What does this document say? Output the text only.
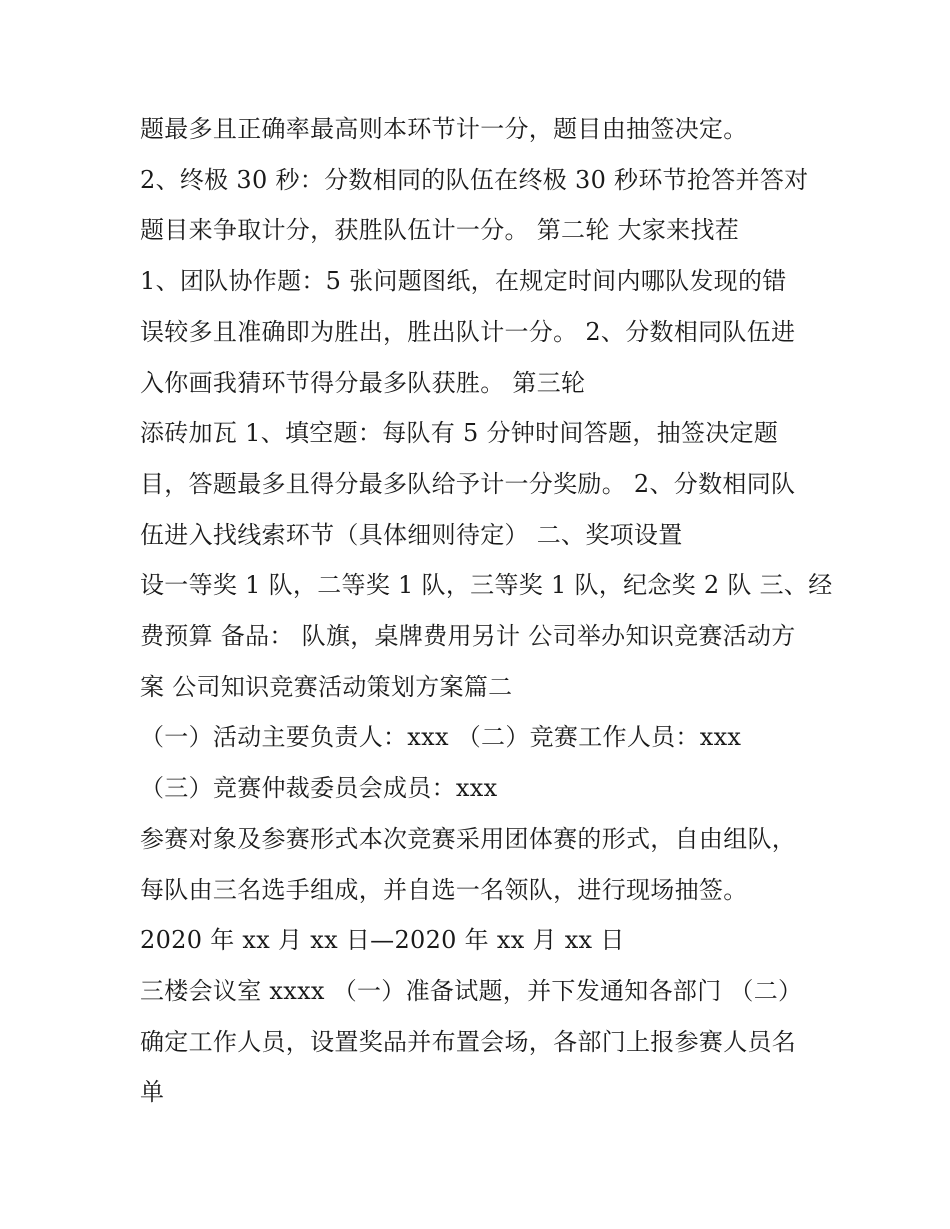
题最多且正确率最高则本环节计一分，题目由抽签决定。
2、终极 30 秒：分数相同的队伍在终极 30 秒环节抢答并答对
题目来争取计分，获胜队伍计一分。 第二轮 大家来找茬
1、团队协作题：5 张问题图纸，在规定时间内哪队发现的错
误较多且准确即为胜出，胜出队计一分。 2、分数相同队伍进
入你画我猜环节得分最多队获胜。 第三轮
添砖加瓦 1、填空题：每队有 5 分钟时间答题，抽签决定题
目，答题最多且得分最多队给予计一分奖励。 2、分数相同队
伍进入找线索环节（具体细则待定） 二、奖项设置
设一等奖 1 队，二等奖 1 队，三等奖 1 队，纪念奖 2 队 三、经
费预算 备品： 队旗，桌牌费用另计 公司举办知识竞赛活动方
案 公司知识竞赛活动策划方案篇二
（一）活动主要负责人：xxx （二）竞赛工作人员：xxx
（三）竞赛仲裁委员会成员：xxx
参赛对象及参赛形式本次竞赛采用团体赛的形式，自由组队，
每队由三名选手组成，并自选一名领队，进行现场抽签。
2020 年 xx 月 xx 日—2020 年 xx 月 xx 日
三楼会议室 xxxx （一）准备试题，并下发通知各部门 （二）
确定工作人员，设置奖品并布置会场，各部门上报参赛人员名
单
